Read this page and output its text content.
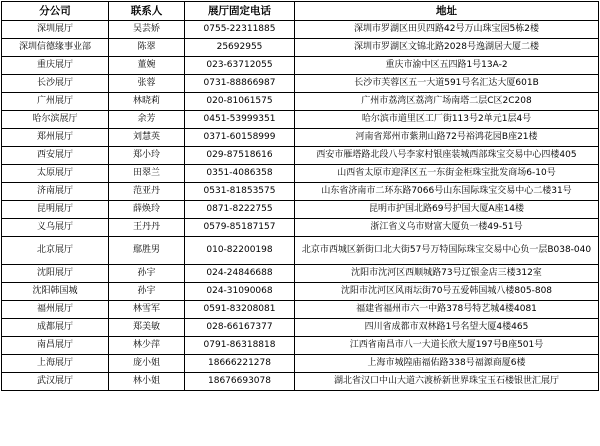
分公司	联系人	展厅固定电话	地址
深圳展厅	吴芸娇	0755-22311885	深圳市罗湖区田贝四路42号万山珠宝园5栋2楼
深圳信德缘事业部	陈翠	25692955	深圳市罗湖区文锦北路2028号逸湖居大厦二楼
重庆展厅	董婉	023-63712055	重庆市渝中区五四路1号13A-2
长沙展厅	张蓉	0731-88866987	长沙市芙蓉区五一大道591号名汇达大厦601B
广州展厅	林晓莉	020-81061575	广州市荔湾区荔湾广场南塔二层C区2C208
哈尔滨展厅	余芳	0451-53999351	哈尔滨市道里区工厂街113号2单元1层4号
郑州展厅	刘慧英	0371-60158999	河南省郑州市紫荆山路72号裕鸿花园B座21楼
西安展厅	郑小玲	029-87518616	西安市雁塔路北段八号李家村银座装城西部珠宝交易中心四楼405
太原展厅	田翠兰	0351-4086358	山西省太原市迎泽区五一东街金柜珠宝批发商场6-10号
济南展厅	范亚丹	0531-81853575	山东省济南市二环东路7066号山东国际珠宝交易中心二楼31号
昆明展厅	薛焕玲	0871-8222755	昆明市护国北路69号护国大厦A座14楼
义乌展厅	王丹丹	0579-85187157	浙江省义乌市财富大厦负一楼49-51号
北京展厅	鄢胜男	010-82200198	北京市西城区新街口北大街57号万特国际珠宝交易中心负一层B038-040
沈阳展厅	孙宇	024-24846688	沈阳市沈河区西顺城路73号辽银金店三楼312室
沈阳韩国城	孙宇	024-31090068	沈阳市沈河区风雨坛街70号五爱韩国城八楼805-808
福州展厅	林雪军	0591-83208081	福建省福州市六一中路378号特艺城4楼4081
成都展厅	郑美敏	028-66167377	四川省成都市双林路1号名望大厦4楼465
南昌展厅	林少萍	0791-86318818	江西省南昌市八一大道长欣大厦197号B座501号
上海展厅	庞小姐	18666221278	上海市城隍庙福佑路338号福源商厦6楼
武汉展厅	林小姐	18676693078	湖北省汉口中山大道六渡桥新世界珠宝玉石楼银世汇展厅
